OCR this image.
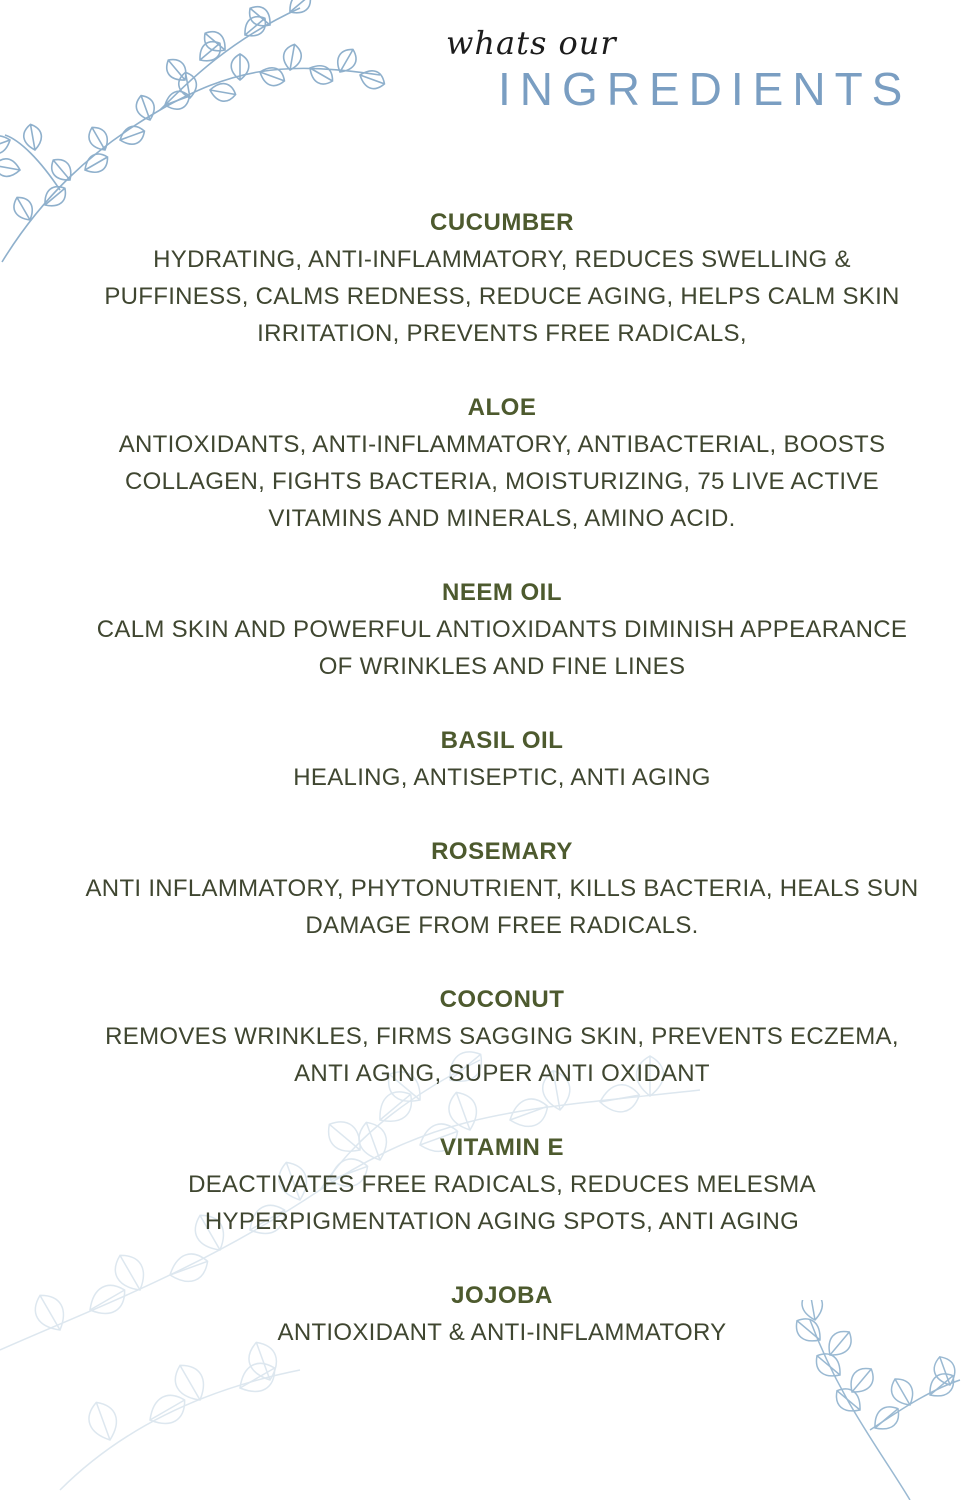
whats our
INGREDIENTS
CUCUMBER
HYDRATING, ANTI-INFLAMMATORY, REDUCES SWELLING & PUFFINESS, CALMS REDNESS, REDUCE AGING, HELPS CALM SKIN IRRITATION, PREVENTS FREE RADICALS,
ALOE
ANTIOXIDANTS, ANTI-INFLAMMATORY, ANTIBACTERIAL, BOOSTS COLLAGEN, FIGHTS BACTERIA, MOISTURIZING, 75 LIVE ACTIVE VITAMINS AND MINERALS, AMINO ACID.
NEEM OIL
CALM SKIN AND POWERFUL ANTIOXIDANTS DIMINISH APPEARANCE OF WRINKLES AND FINE LINES
BASIL OIL
HEALING, ANTISEPTIC, ANTI AGING
ROSEMARY
ANTI INFLAMMATORY, PHYTONUTRIENT, KILLS BACTERIA, HEALS SUN DAMAGE FROM FREE RADICALS.
COCONUT
REMOVES WRINKLES, FIRMS SAGGING SKIN, PREVENTS ECZEMA, ANTI AGING, SUPER ANTI OXIDANT
VITAMIN E
DEACTIVATES FREE RADICALS, REDUCES MELESMA HYPERPIGMENTATION AGING SPOTS, ANTI AGING
JOJOBA
ANTIOXIDANT & ANTI-INFLAMMATORY
